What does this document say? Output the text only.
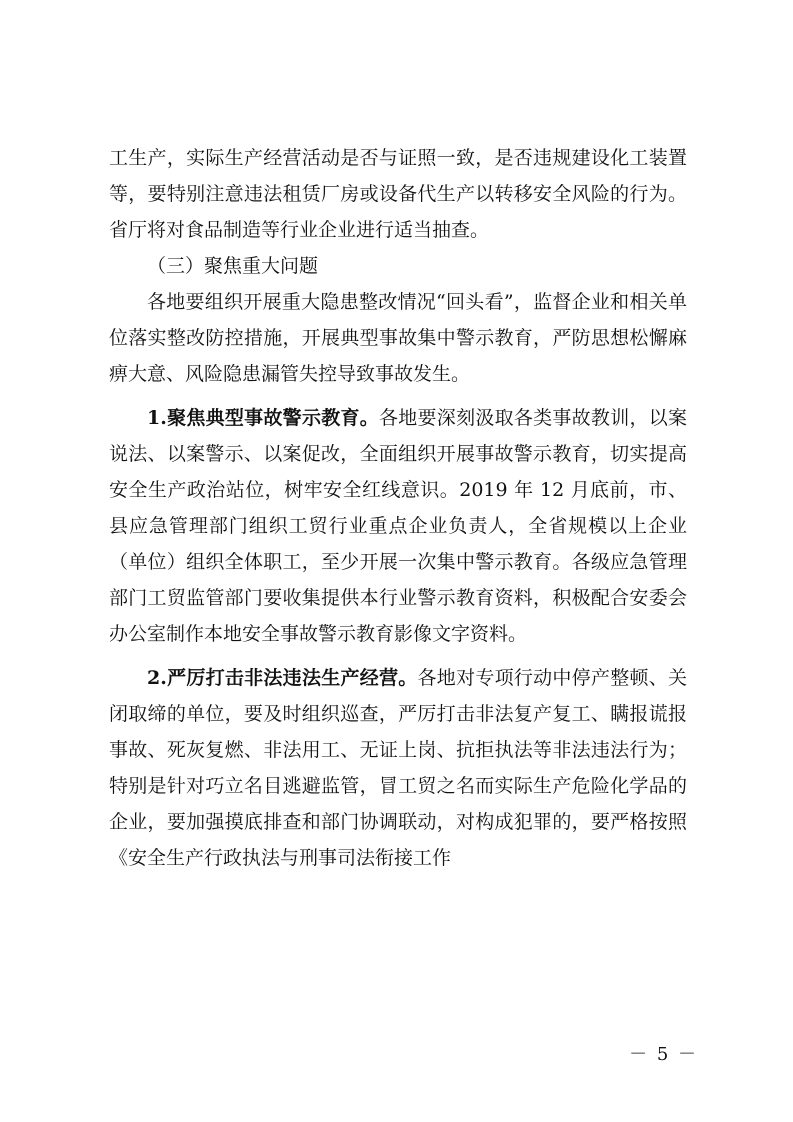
工生产，实际生产经营活动是否与证照一致，是否违规建设化工装置等，要特别注意违法租赁厂房或设备代生产以转移安全风险的行为。省厅将对食品制造等行业企业进行适当抽查。

（三）聚焦重大问题

各地要组织开展重大隐患整改情况“回头看”，监督企业和相关单位落实整改防控措施，开展典型事故集中警示教育，严防思想松懈麻痹大意、风险隐患漏管失控导致事故发生。

1.聚焦典型事故警示教育。各地要深刻汲取各类事故教训，以案说法、以案警示、以案促改，全面组织开展事故警示教育，切实提高安全生产政治站位，树牢安全红线意识。2019 年 12 月底前，市、县应急管理部门组织工贸行业重点企业负责人，全省规模以上企业（单位）组织全体职工，至少开展一次集中警示教育。各级应急管理部门工贸监管部门要收集提供本行业警示教育资料，积极配合安委会办公室制作本地安全事故警示教育影像文字资料。

2.严厉打击非法违法生产经营。各地对专项行动中停产整顿、关闭取缔的单位，要及时组织巡查，严厉打击非法复产复工、瞒报谎报事故、死灰复燃、非法用工、无证上岗、抗拒执法等非法违法行为；特别是针对巧立名目逃避监管，冒工贸之名而实际生产危险化学品的企业，要加强摸底排查和部门协调联动，对构成犯罪的，要严格按照《安全生产行政执法与刑事司法衔接工作

－ 5 －
